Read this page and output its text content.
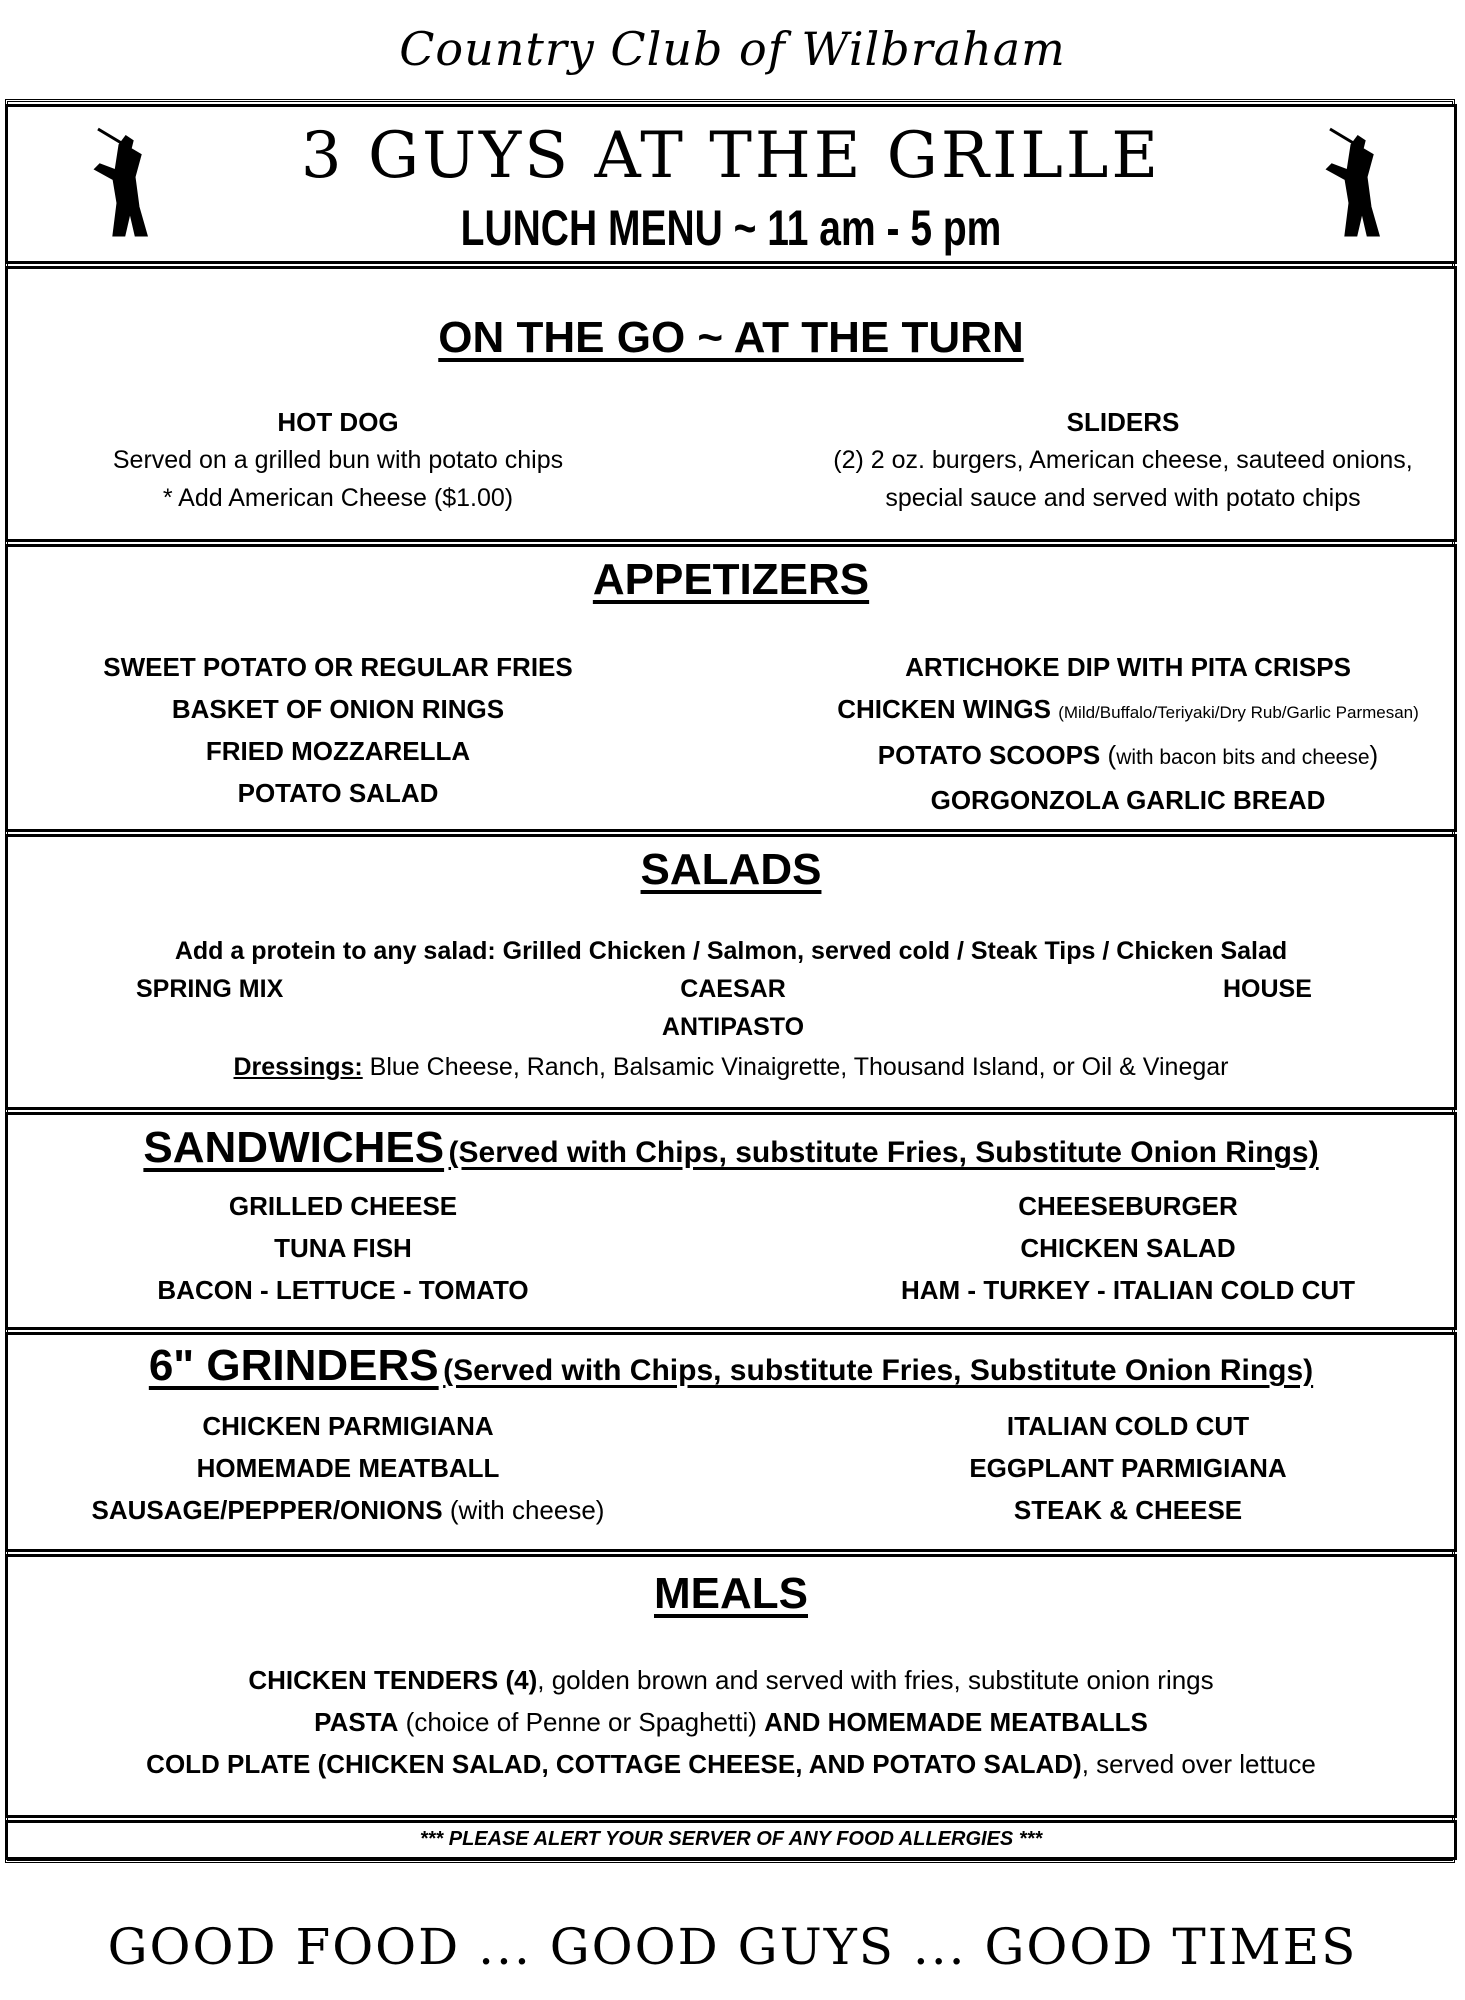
Country Club of Wilbraham
3 GUYS AT THE GRILLE
LUNCH MENU ~ 11 am - 5 pm
ON THE GO ~ AT THE TURN
HOT DOG
Served on a grilled bun with potato chips
* Add American Cheese ($1.00)
SLIDERS
(2) 2 oz. burgers, American cheese, sauteed onions,
special sauce and served with potato chips
APPETIZERS
SWEET POTATO OR REGULAR FRIES
BASKET OF ONION RINGS
FRIED MOZZARELLA
POTATO SALAD
ARTICHOKE DIP WITH PITA CRISPS
CHICKEN WINGS (Mild/Buffalo/Teriyaki/Dry Rub/Garlic Parmesan)
POTATO SCOOPS (with bacon bits and cheese)
GORGONZOLA GARLIC BREAD
SALADS
Add a protein to any salad: Grilled Chicken / Salmon, served cold / Steak Tips / Chicken Salad
SPRING MIX	CAESAR	HOUSE
ANTIPASTO
Dressings: Blue Cheese, Ranch, Balsamic Vinaigrette, Thousand Island, or Oil & Vinegar
SANDWICHES (Served with Chips, substitute Fries, Substitute Onion Rings)
GRILLED CHEESE
TUNA FISH
BACON - LETTUCE - TOMATO
CHEESEBURGER
CHICKEN SALAD
HAM - TURKEY - ITALIAN COLD CUT
6" GRINDERS (Served with Chips, substitute Fries, Substitute Onion Rings)
CHICKEN PARMIGIANA
HOMEMADE MEATBALL
SAUSAGE/PEPPER/ONIONS (with cheese)
ITALIAN COLD CUT
EGGPLANT PARMIGIANA
STEAK & CHEESE
MEALS
CHICKEN TENDERS (4), golden brown and served with fries, substitute onion rings
PASTA (choice of Penne or Spaghetti) AND HOMEMADE MEATBALLS
COLD PLATE (CHICKEN SALAD, COTTAGE CHEESE, AND POTATO SALAD), served over lettuce
*** PLEASE ALERT YOUR SERVER OF ANY FOOD ALLERGIES ***
GOOD FOOD ... GOOD GUYS ... GOOD TIMES
